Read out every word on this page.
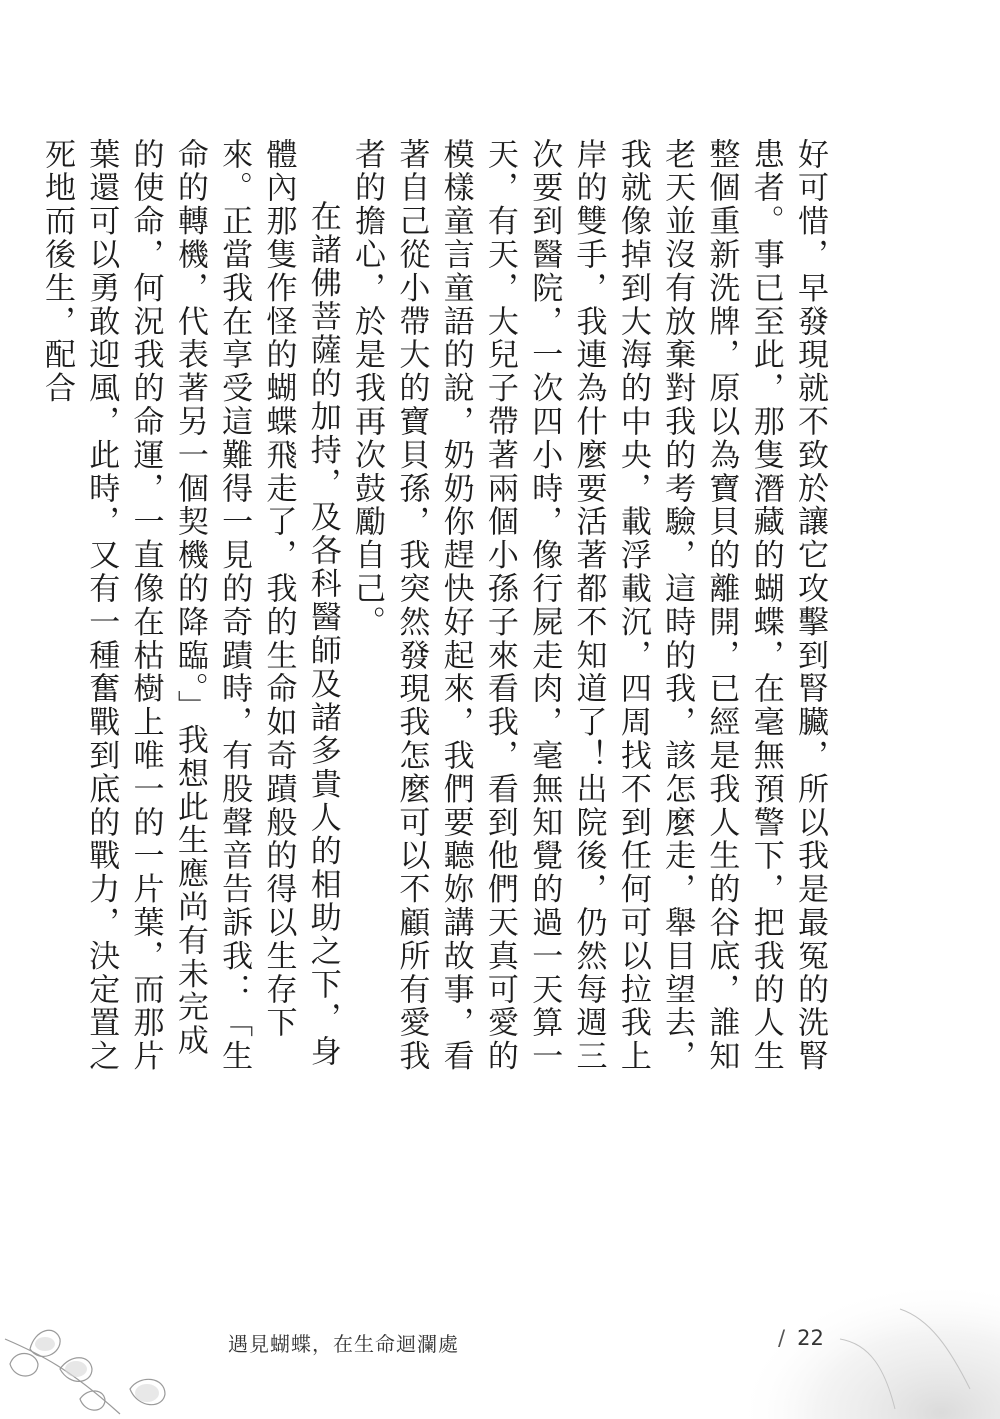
好可惜，早發現就不致於讓它攻擊到腎臟，所以我是最冤的洗腎患者。事已至此，那隻潛藏的蝴蝶，在毫無預警下，把我的人生整個重新洗牌，原以為寶貝的離開，已經是我人生的谷底，誰知老天並沒有放棄對我的考驗，這時的我，該怎麼走，舉目望去，我就像掉到大海的中央，載浮載沉，四周找不到任何可以拉我上岸的雙手，我連為什麼要活著都不知道了！出院後，仍然每週三次要到醫院，一次四小時，像行屍走肉，毫無知覺的過一天算一天，有天，大兒子帶著兩個小孫子來看我，看到他們天真可愛的模樣童言童語的說，奶奶你趕快好起來，我們要聽妳講故事，看著自己從小帶大的寶貝孫，我突然發現我怎麼可以不顧所有愛我者的擔心，於是我再次鼓勵自己。

在諸佛菩薩的加持，及各科醫師及諸多貴人的相助之下，身體內那隻作怪的蝴蝶飛走了，我的生命如奇蹟般的得以生存下來。正當我在享受這難得一見的奇蹟時，有股聲音告訴我：「生命的轉機，代表著另一個契機的降臨。」我想此生應尚有未完成的使命，何況我的命運，一直像在枯樹上唯一的一片葉，而那片葉還可以勇敢迎風，此時，又有一種奮戰到底的戰力，決定置之死地而後生，配合

遇見蝴蝶，在生命迴瀾處	/ 22
